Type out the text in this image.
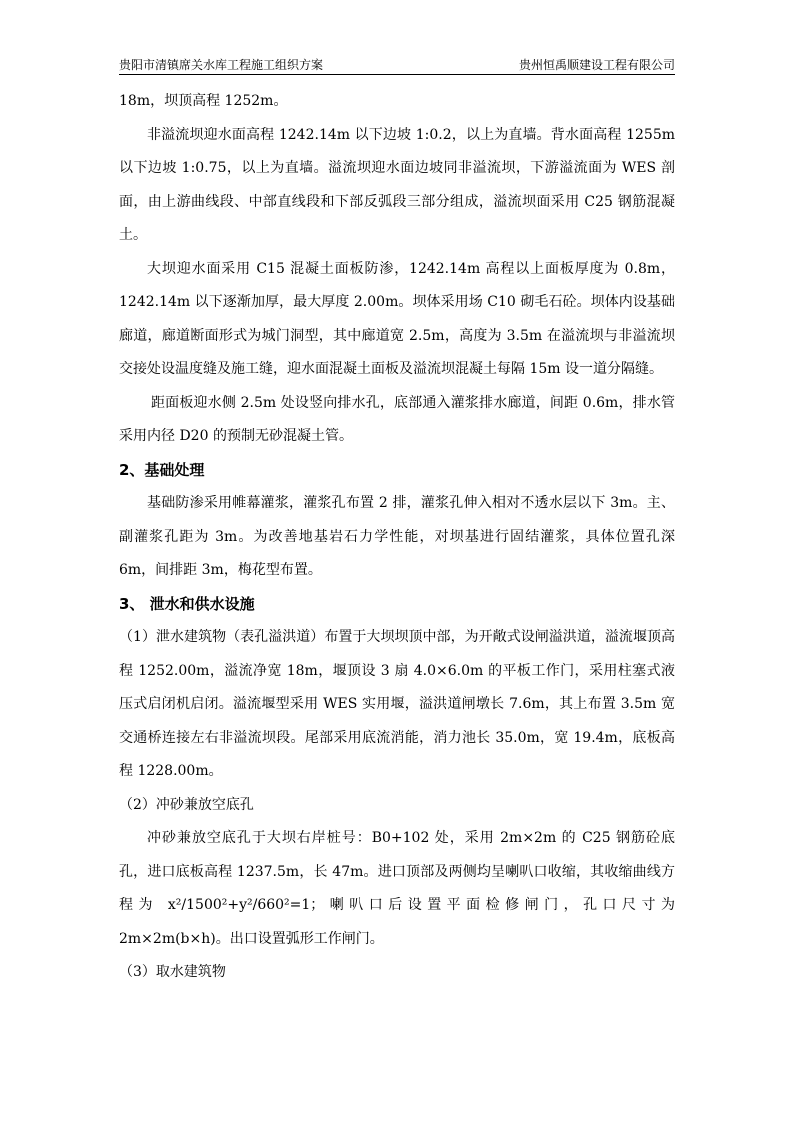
贵阳市清镇席关水库工程施工组织方案	贵州恒禹顺建设工程有限公司

18m，坝顶高程 1252m。

非溢流坝迎水面高程 1242.14m 以下边坡 1:0.2，以上为直墙。背水面高程 1255m 以下边坡 1:0.75，以上为直墙。溢流坝迎水面边坡同非溢流坝，下游溢流面为 WES 剖面，由上游曲线段、中部直线段和下部反弧段三部分组成，溢流坝面采用 C25 钢筋混凝土。

大坝迎水面采用 C15 混凝土面板防渗，1242.14m 高程以上面板厚度为 0.8m，1242.14m 以下逐渐加厚，最大厚度 2.00m。坝体采用场 C10 砌毛石砼。坝体内设基础廊道，廊道断面形式为城门洞型，其中廊道宽 2.5m，高度为 3.5m 在溢流坝与非溢流坝交接处设温度缝及施工缝，迎水面混凝土面板及溢流坝混凝土每隔 15m 设一道分隔缝。

距面板迎水侧 2.5m 处设竖向排水孔，底部通入灌浆排水廊道，间距 0.6m，排水管采用内径 D20 的预制无砂混凝土管。

2、基础处理

基础防渗采用帷幕灌浆，灌浆孔布置 2 排，灌浆孔伸入相对不透水层以下 3m。主、副灌浆孔距为 3m。为改善地基岩石力学性能，对坝基进行固结灌浆，具体位置孔深 6m，间排距 3m，梅花型布置。

3、 泄水和供水设施

（1）泄水建筑物（表孔溢洪道）布置于大坝坝顶中部，为开敞式设闸溢洪道，溢流堰顶高程 1252.00m，溢流净宽 18m，堰顶设 3 扇 4.0×6.0m 的平板工作门，采用柱塞式液压式启闭机启闭。溢流堰型采用 WES 实用堰，溢洪道闸墩长 7.6m，其上布置 3.5m 宽交通桥连接左右非溢流坝段。尾部采用底流消能，消力池长 35.0m，宽 19.4m，底板高程 1228.00m。

（2）冲砂兼放空底孔

冲砂兼放空底孔于大坝右岸桩号：B0+102 处，采用 2m×2m 的 C25 钢筋砼底孔，进口底板高程 1237.5m，长 47m。进口顶部及两侧均呈喇叭口收缩，其收缩曲线方程为 x²/1500²+y²/660²=1；喇叭口后设置平面检修闸门，孔口尺寸为 2m×2m(b×h)。出口设置弧形工作闸门。

（3）取水建筑物
